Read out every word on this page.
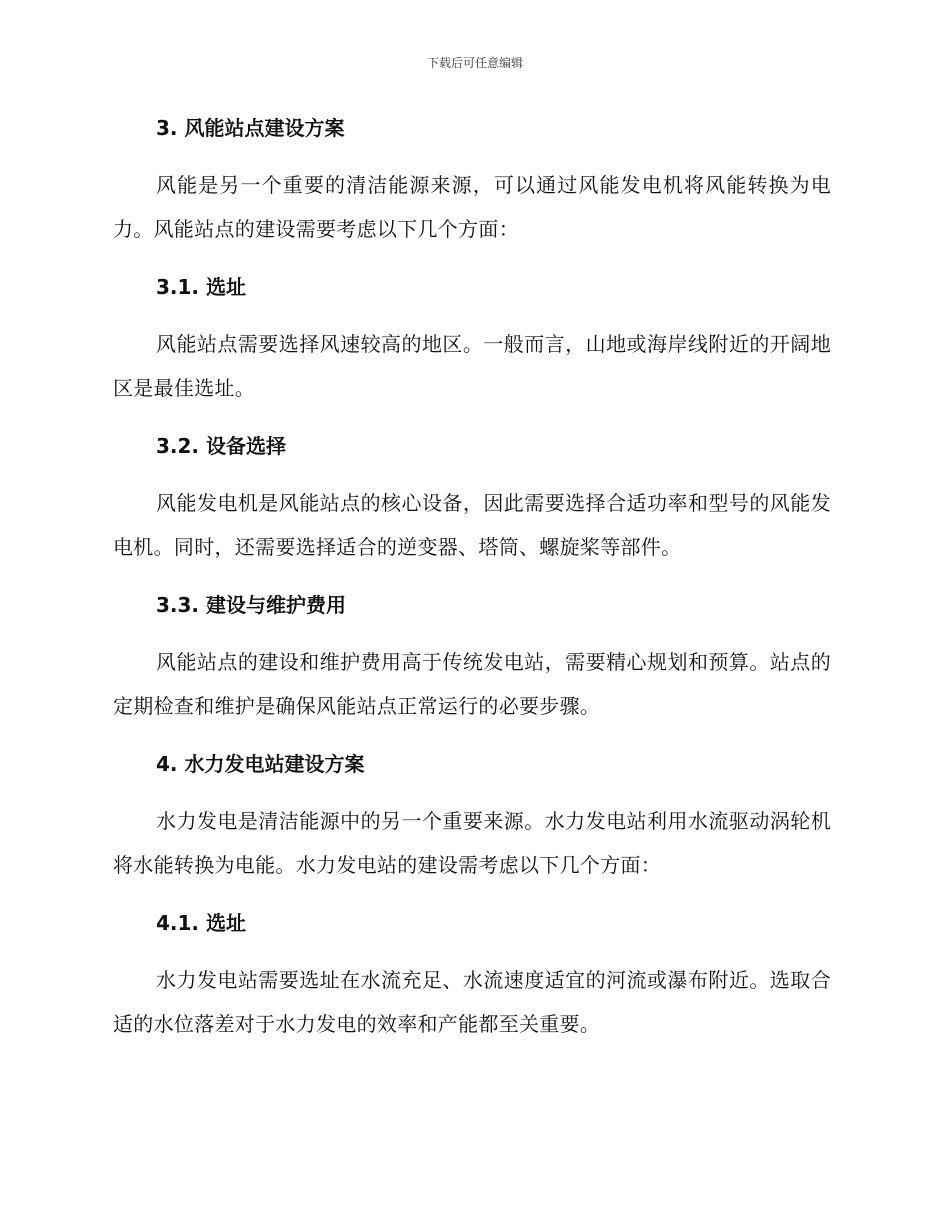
下载后可任意编辑
3. 风能站点建设方案

风能是另一个重要的清洁能源来源，可以通过风能发电机将风能转换为电力。风能站点的建设需要考虑以下几个方面：

3.1. 选址

风能站点需要选择风速较高的地区。一般而言，山地或海岸线附近的开阔地区是最佳选址。

3.2. 设备选择

风能发电机是风能站点的核心设备，因此需要选择合适功率和型号的风能发电机。同时，还需要选择适合的逆变器、塔筒、螺旋桨等部件。

3.3. 建设与维护费用

风能站点的建设和维护费用高于传统发电站，需要精心规划和预算。站点的定期检查和维护是确保风能站点正常运行的必要步骤。

4. 水力发电站建设方案

水力发电是清洁能源中的另一个重要来源。水力发电站利用水流驱动涡轮机将水能转换为电能。水力发电站的建设需考虑以下几个方面：

4.1. 选址

水力发电站需要选址在水流充足、水流速度适宜的河流或瀑布附近。选取合适的水位落差对于水力发电的效率和产能都至关重要。
